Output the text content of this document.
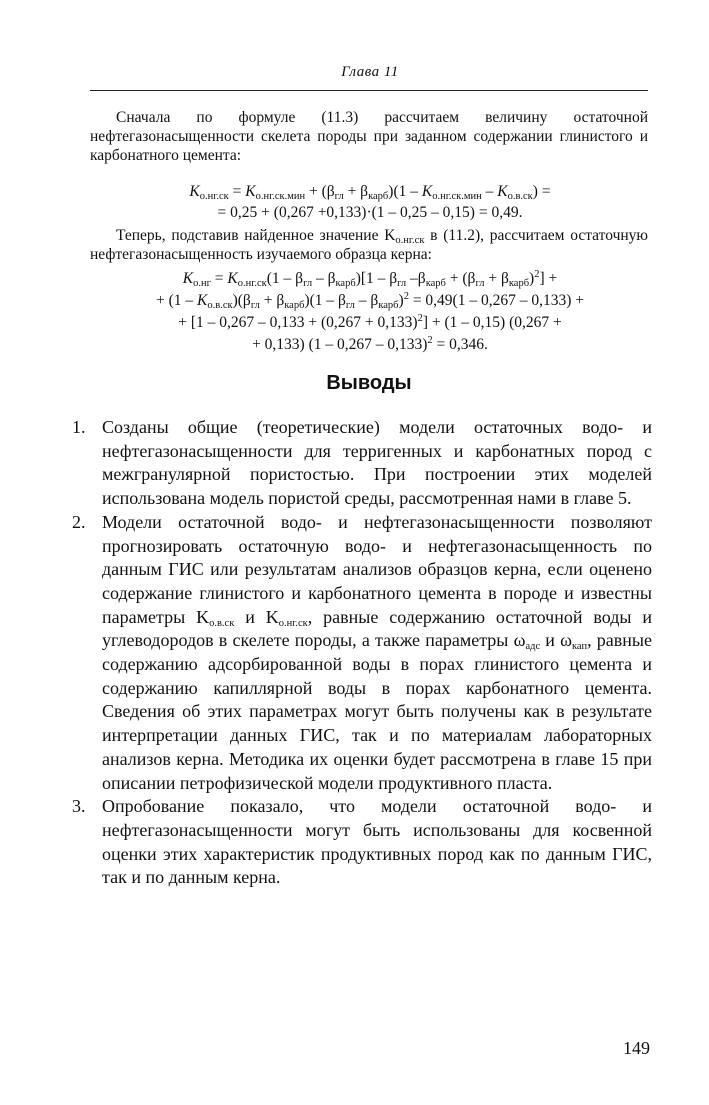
Глава 11
Сначала по формуле (11.3) рассчитаем величину остаточной нефтегазонасыщенности скелета породы при заданном содержании глинистого и карбонатного цемента:
$K_{о.нг.ск} = K_{о.нг.ск.мин} + (\beta_{гл} + \beta_{карб})(1 - K_{о.нг.ск.мин} - K_{о.в.ск})$ =
= 0,25 + (0,267 +0,133)·(1 – 0,25 – 0,15) = 0,49.
Теперь, подставив найденное значение $K_{о.нг.ск}$ в (11.2), рассчитаем остаточную нефтегазонасыщенность изучаемого образца керна:
$K_{о.нг} = K_{о.нг.ск}(1 - \beta_{гл} - \beta_{карб})[1 - \beta_{гл}$ $-\beta_{карб} + (\beta_{гл} + \beta_{карб})^2$] +
+ $(1 - K_{о.в.ск})(\beta_{гл} + \beta_{карб})(1 - \beta_{гл} - \beta_{карб})^2 = 0,49(1 - 0,267 - 0,133)$ +
+ $[1 - 0,267 - 0,133 + (0,267 + 0,133)^2] + (1 - 0,15)$ (0,267 +
+ 0,133) (1 – 0,267 – 0,133)$^2$ = 0,346.
Выводы
1. Созданы общие (теоретические) модели остаточных водо- и нефтегазонасыщенности для терригенных и карбонатных пород с межгранулярной пористостью. При построении этих моделей использована модель пористой среды, рассмотренная нами в главе 5.
2. Модели остаточной водо- и нефтегазонасыщенности позволяют прогнозировать остаточную водо- и нефтегазонасыщенность по данным ГИС или результатам анализов образцов керна, если оценено содержание глинистого и карбонатного цемента в породе и известны параметры $K_{о.в.ск}$ и $K_{о.нг.ск}$, равные содержанию остаточной воды и углеводородов в скелете породы, а также параметры $\omega_{адс}$ и $\omega_{кап}$, равные содержанию адсорбированной воды в порах глинистого цемента и содержанию капиллярной воды в порах карбонатного цемента. Сведения об этих параметрах могут быть получены как в результате интерпретации данных ГИС, так и по материалам лабораторных анализов керна. Методика их оценки будет рассмотрена в главе 15 при описании петрофизической модели продуктивного пласта.
3. Опробование показало, что модели остаточной водо- и нефтегазонасыщенности могут быть использованы для косвенной оценки этих характеристик продуктивных пород как по данным ГИС, так и по данным керна.
149
